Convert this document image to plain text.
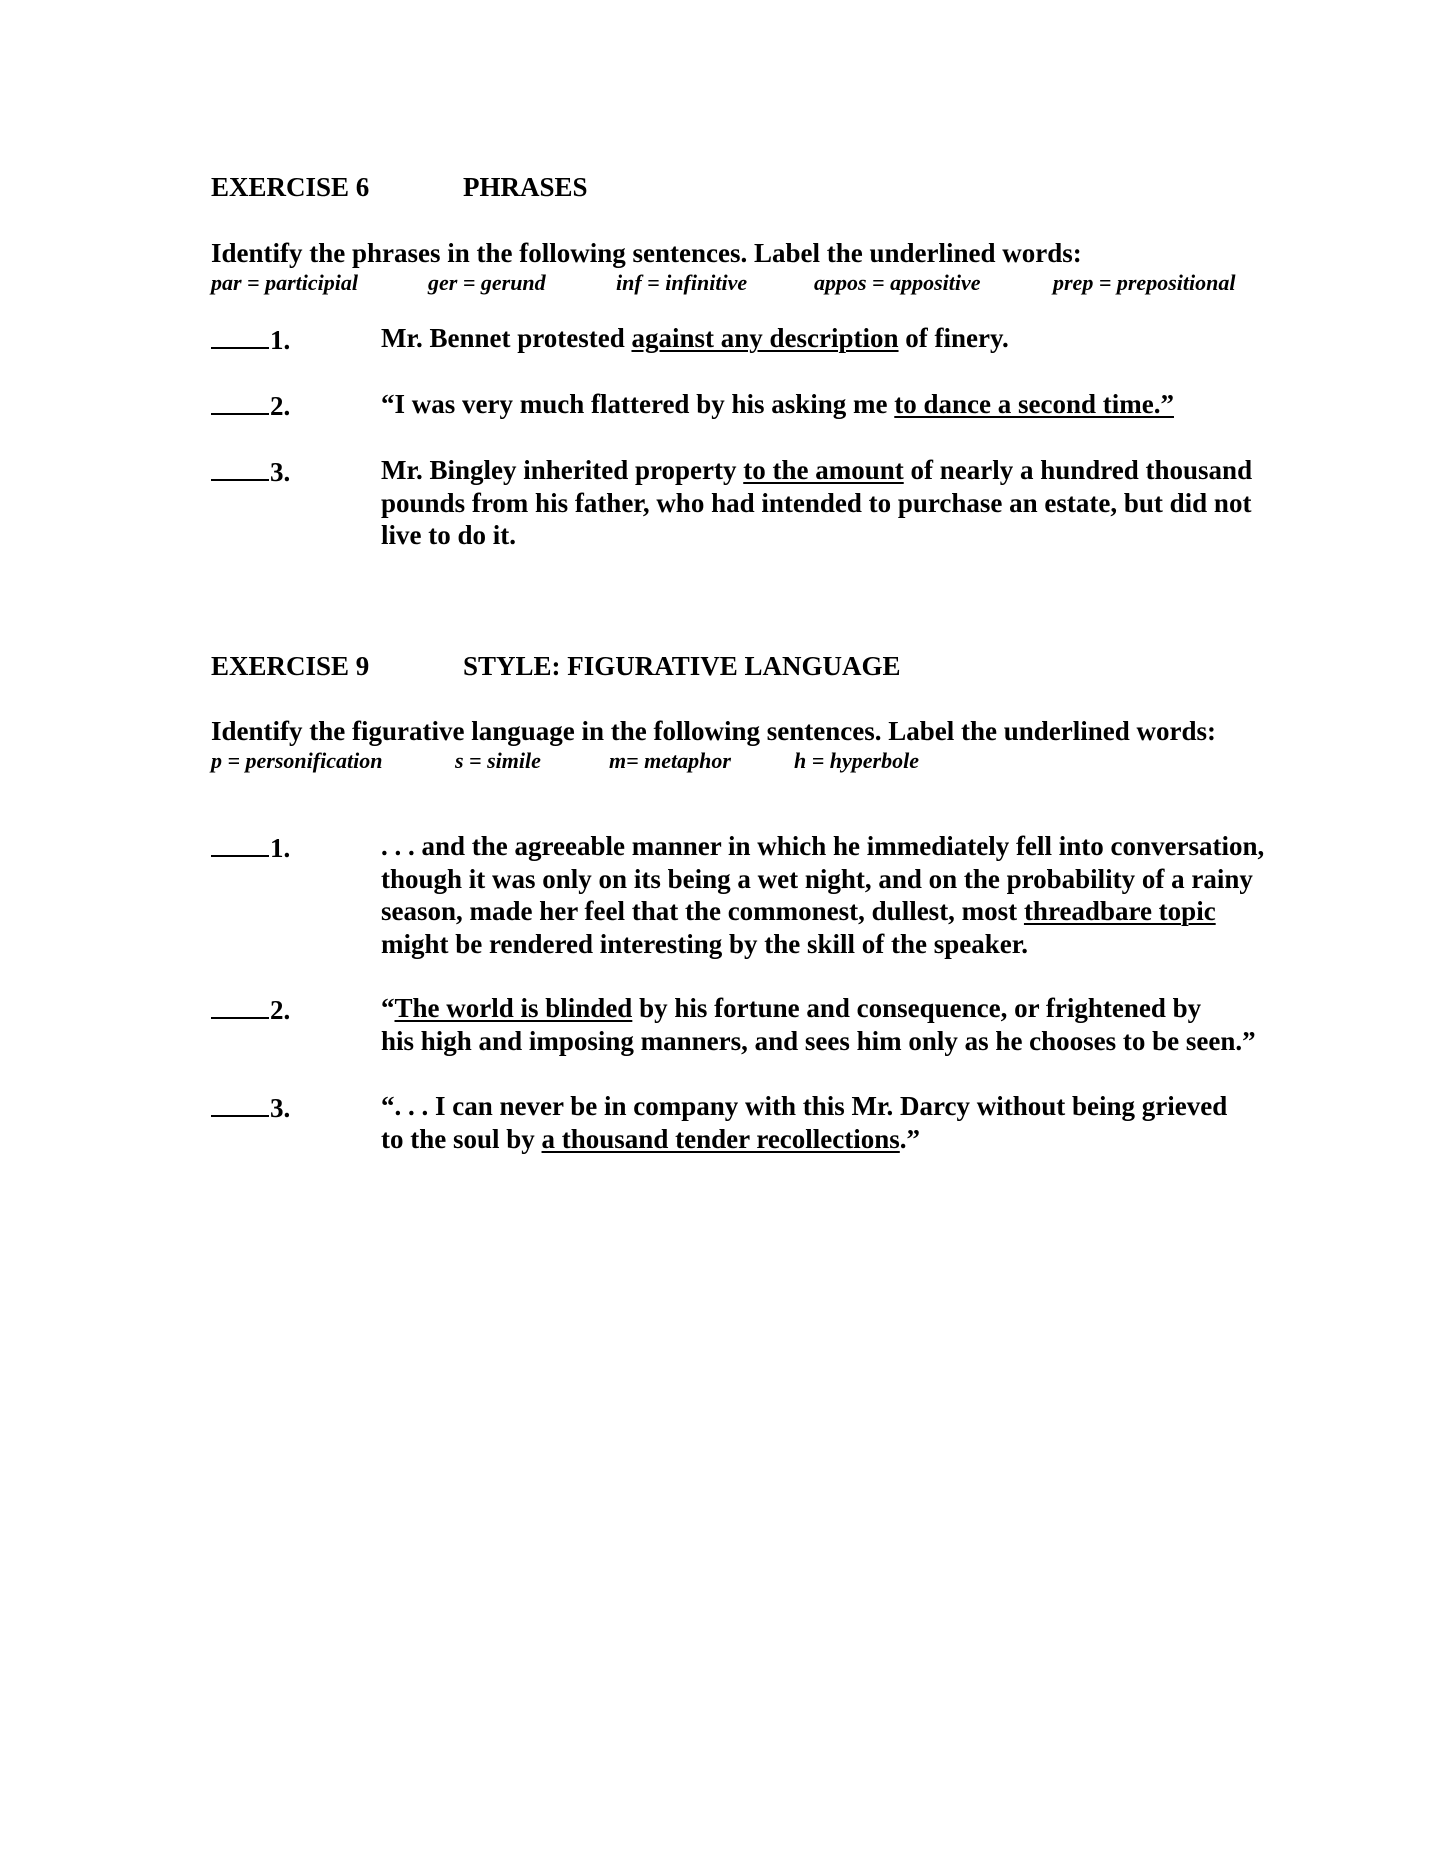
EXERCISE 6	PHRASES
Identify the phrases in the following sentences. Label the underlined words:
par = participial	ger = gerund	inf = infinitive	appos = appositive	prep = prepositional
1.	Mr. Bennet protested against any description of finery.
2.	“I was very much flattered by his asking me to dance a second time.”
3.	Mr. Bingley inherited property to the amount of nearly a hundred thousand
pounds from his father, who had intended to purchase an estate, but did not
live to do it.
EXERCISE 9	STYLE: FIGURATIVE LANGUAGE
Identify the figurative language in the following sentences. Label the underlined words:
p = personification	s = simile	m= metaphor	h = hyperbole
1.	. . . and the agreeable manner in which he immediately fell into conversation,
though it was only on its being a wet night, and on the probability of a rainy
season, made her feel that the commonest, dullest, most threadbare topic
might be rendered interesting by the skill of the speaker.
2.	“The world is blinded by his fortune and consequence, or frightened by
his high and imposing manners, and sees him only as he chooses to be seen.”
3.	“. . . I can never be in company with this Mr. Darcy without being grieved
to the soul by a thousand tender recollections.”
